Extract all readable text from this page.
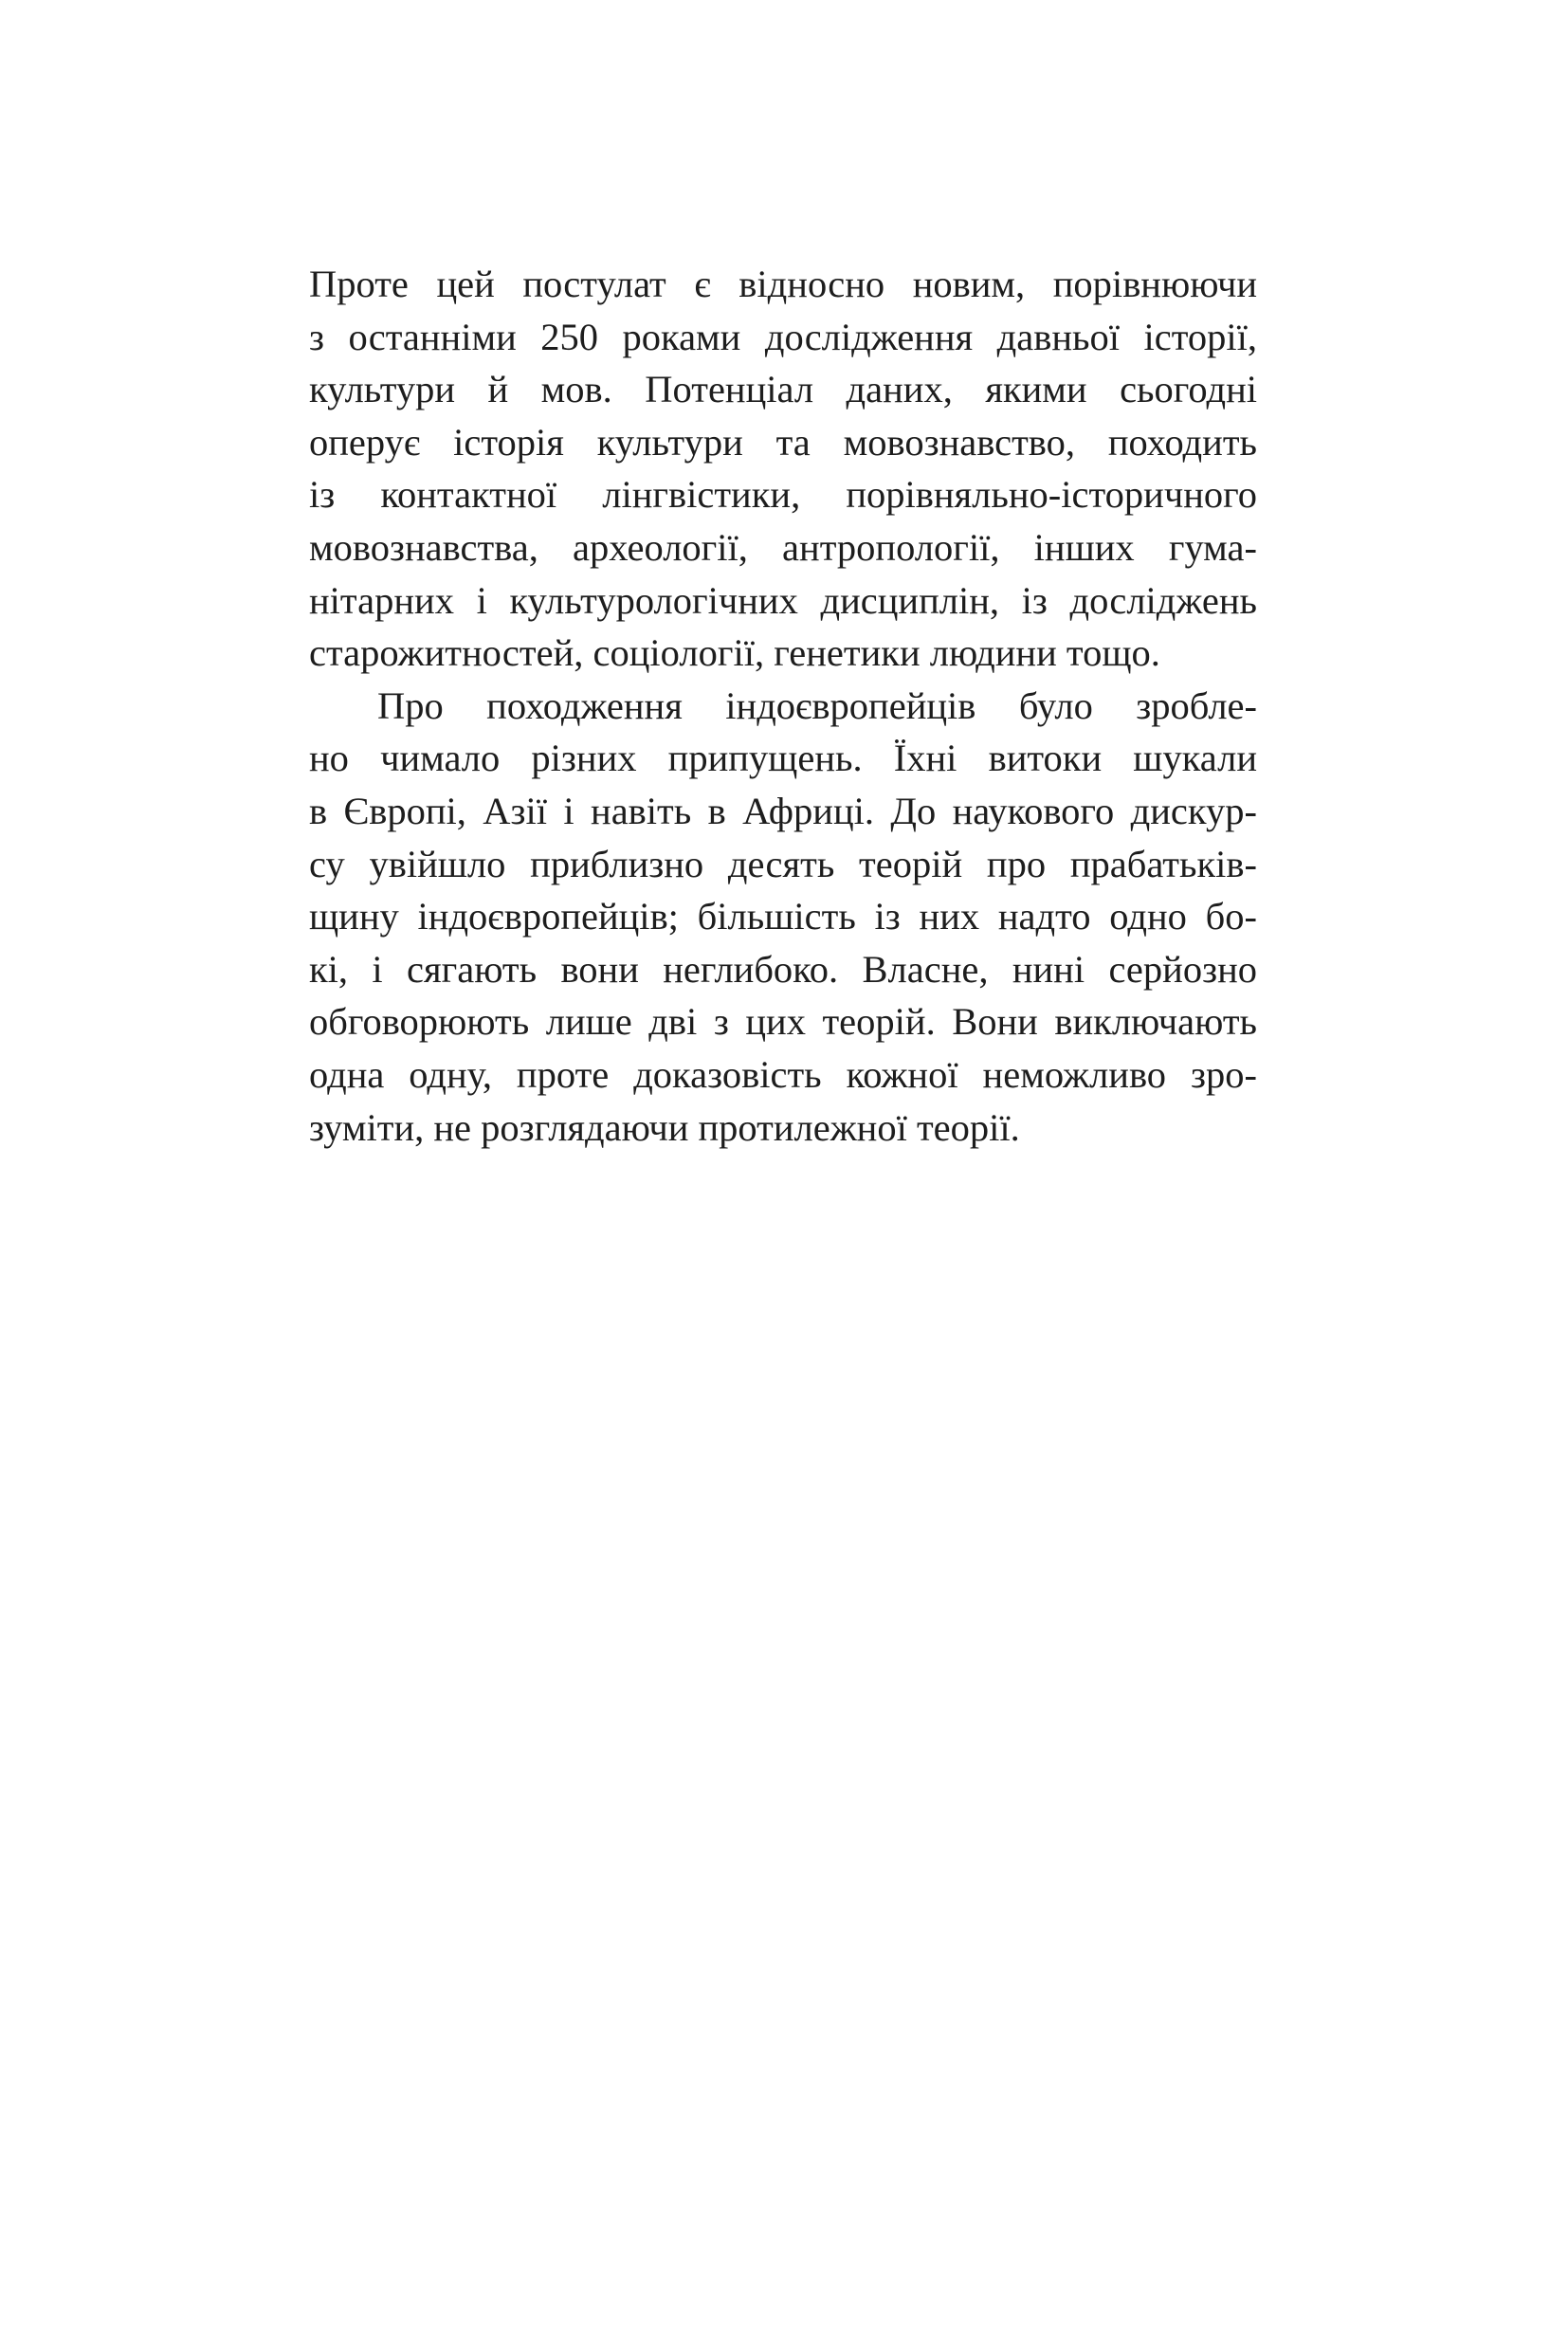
Проте цей постулат є відносно новим, порівнюючи
з останніми 250 роками дослідження давньої історії,
культури й мов. Потенціал даних, якими сьогодні
оперує історія культури та мовознавство, походить
із контактної лінгвістики, порівняльно-історичного
мовознавства, археології, антропології, інших гума-
нітарних і культурологічних дисциплін, із досліджень
старожитностей, соціології, генетики людини тощо.
Про походження індоєвропейців було зробле-
но чимало різних припущень. Їхні витоки шукали
в Європі, Азії і навіть в Африці. До наукового дискур-
су увійшло приблизно десять теорій про прабатьків-
щину індоєвропейців; більшість із них надто одно бо-
кі, і сягають вони неглибоко. Власне, нині серйозно
обговорюють лише дві з цих теорій. Вони виключають
одна одну, проте доказовість кожної неможливо зро-
зуміти, не розглядаючи протилежної теорії.
